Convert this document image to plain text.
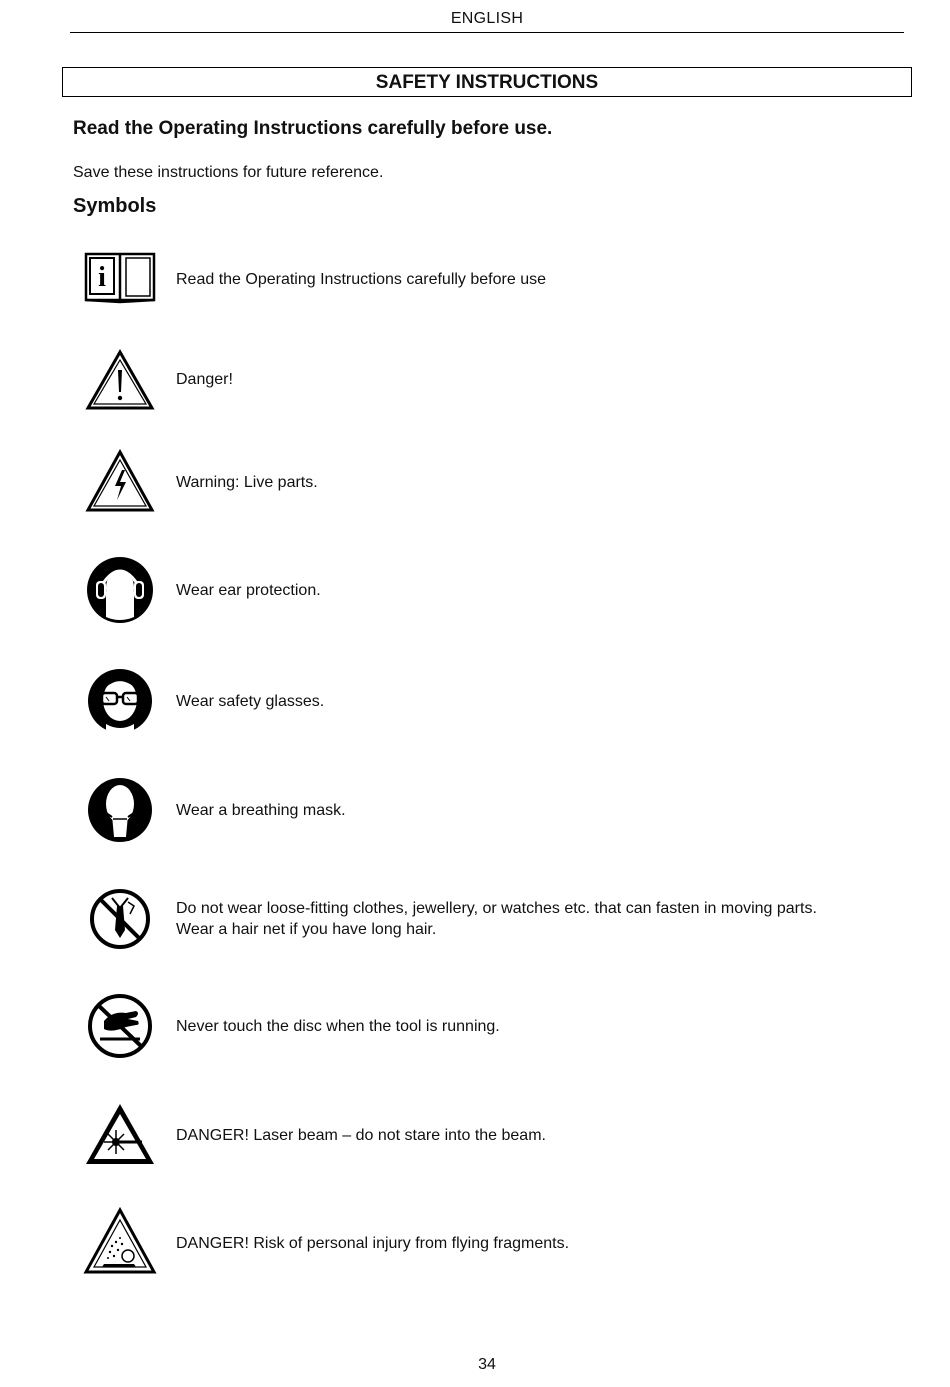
ENGLISH
SAFETY INSTRUCTIONS
Read the Operating Instructions carefully before use.
Save these instructions for future reference.
Symbols
i	Read the Operating Instructions carefully before use
Danger!
Warning: Live parts.
Wear ear protection.
Wear safety glasses.
Wear a breathing mask.
Do not wear loose-fitting clothes, jewellery, or watches etc. that can fasten in moving parts.
Wear a hair net if you have long hair.
Never touch the disc when the tool is running.
DANGER! Laser beam – do not stare into the beam.
DANGER! Risk of personal injury from flying fragments.
34
